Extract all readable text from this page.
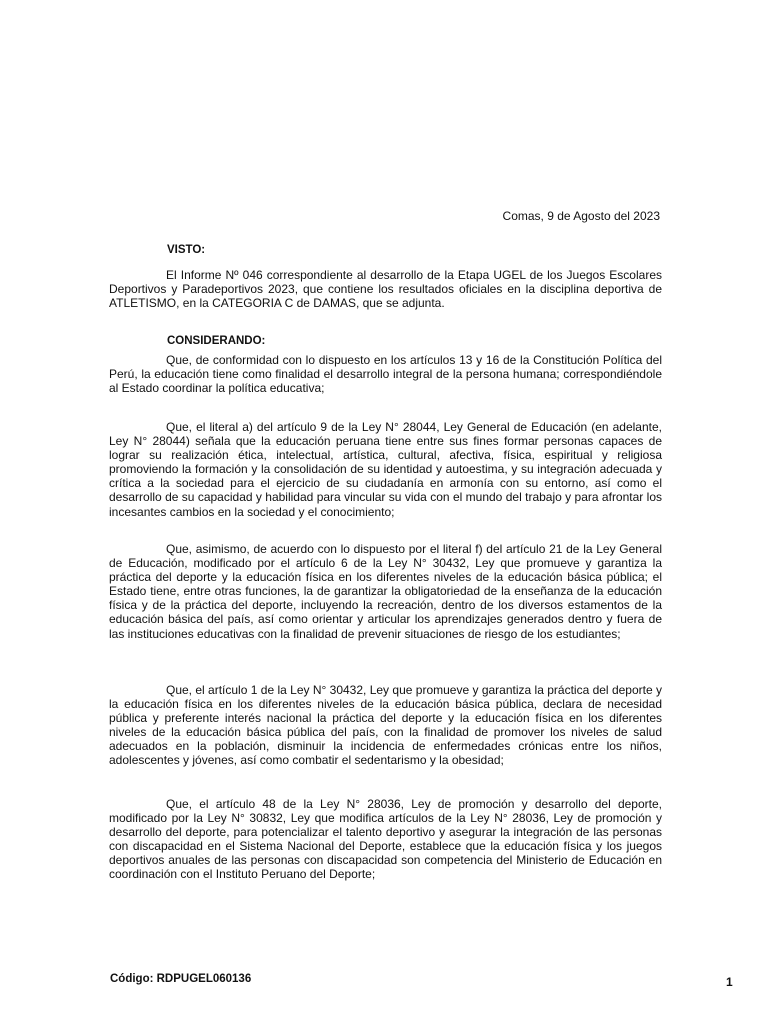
Comas, 9 de Agosto del 2023
VISTO:

El Informe Nº 046 correspondiente al desarrollo de la Etapa UGEL de los Juegos Escolares Deportivos y Paradeportivos 2023, que contiene los resultados oficiales en la disciplina deportiva de ATLETISMO, en la CATEGORIA C de DAMAS, que se adjunta.

CONSIDERANDO:

Que, de conformidad con lo dispuesto en los artículos 13 y 16 de la Constitución Política del Perú, la educación tiene como finalidad el desarrollo integral de la persona humana; correspondiéndole al Estado coordinar la política educativa;

Que, el literal a) del artículo 9 de la Ley N° 28044, Ley General de Educación (en adelante, Ley N° 28044) señala que la educación peruana tiene entre sus fines formar personas capaces de lograr su realización ética, intelectual, artística, cultural, afectiva, física, espiritual y religiosa promoviendo la formación y la consolidación de su identidad y autoestima, y su integración adecuada y crítica a la sociedad para el ejercicio de su ciudadanía en armonía con su entorno, así como el desarrollo de su capacidad y habilidad para vincular su vida con el mundo del trabajo y para afrontar los incesantes cambios en la sociedad y el conocimiento;

Que, asimismo, de acuerdo con lo dispuesto por el literal f) del artículo 21 de la Ley General de Educación, modificado por el artículo 6 de la Ley N° 30432, Ley que promueve y garantiza la práctica del deporte y la educación física en los diferentes niveles de la educación básica pública; el Estado tiene, entre otras funciones, la de garantizar la obligatoriedad de la enseñanza de la educación física y de la práctica del deporte, incluyendo la recreación, dentro de los diversos estamentos de la educación básica del país, así como orientar y articular los aprendizajes generados dentro y fuera de las instituciones educativas con la finalidad de prevenir situaciones de riesgo de los estudiantes;

Que, el artículo 1 de la Ley N° 30432, Ley que promueve y garantiza la práctica del deporte y la educación física en los diferentes niveles de la educación básica pública, declara de necesidad pública y preferente interés nacional la práctica del deporte y la educación física en los diferentes niveles de la educación básica pública del país, con la finalidad de promover los niveles de salud adecuados en la población, disminuir la incidencia de enfermedades crónicas entre los niños, adolescentes y jóvenes, así como combatir el sedentarismo y la obesidad;

Que, el artículo 48 de la Ley N° 28036, Ley de promoción y desarrollo del deporte, modificado por la Ley N° 30832, Ley que modifica artículos de la Ley N° 28036, Ley de promoción y desarrollo del deporte, para potencializar el talento deportivo y asegurar la integración de las personas con discapacidad en el Sistema Nacional del Deporte, establece que la educación física y los juegos deportivos anuales de las personas con discapacidad son competencia del Ministerio de Educación en coordinación con el Instituto Peruano del Deporte;

Código: RDPUGEL060136	1
